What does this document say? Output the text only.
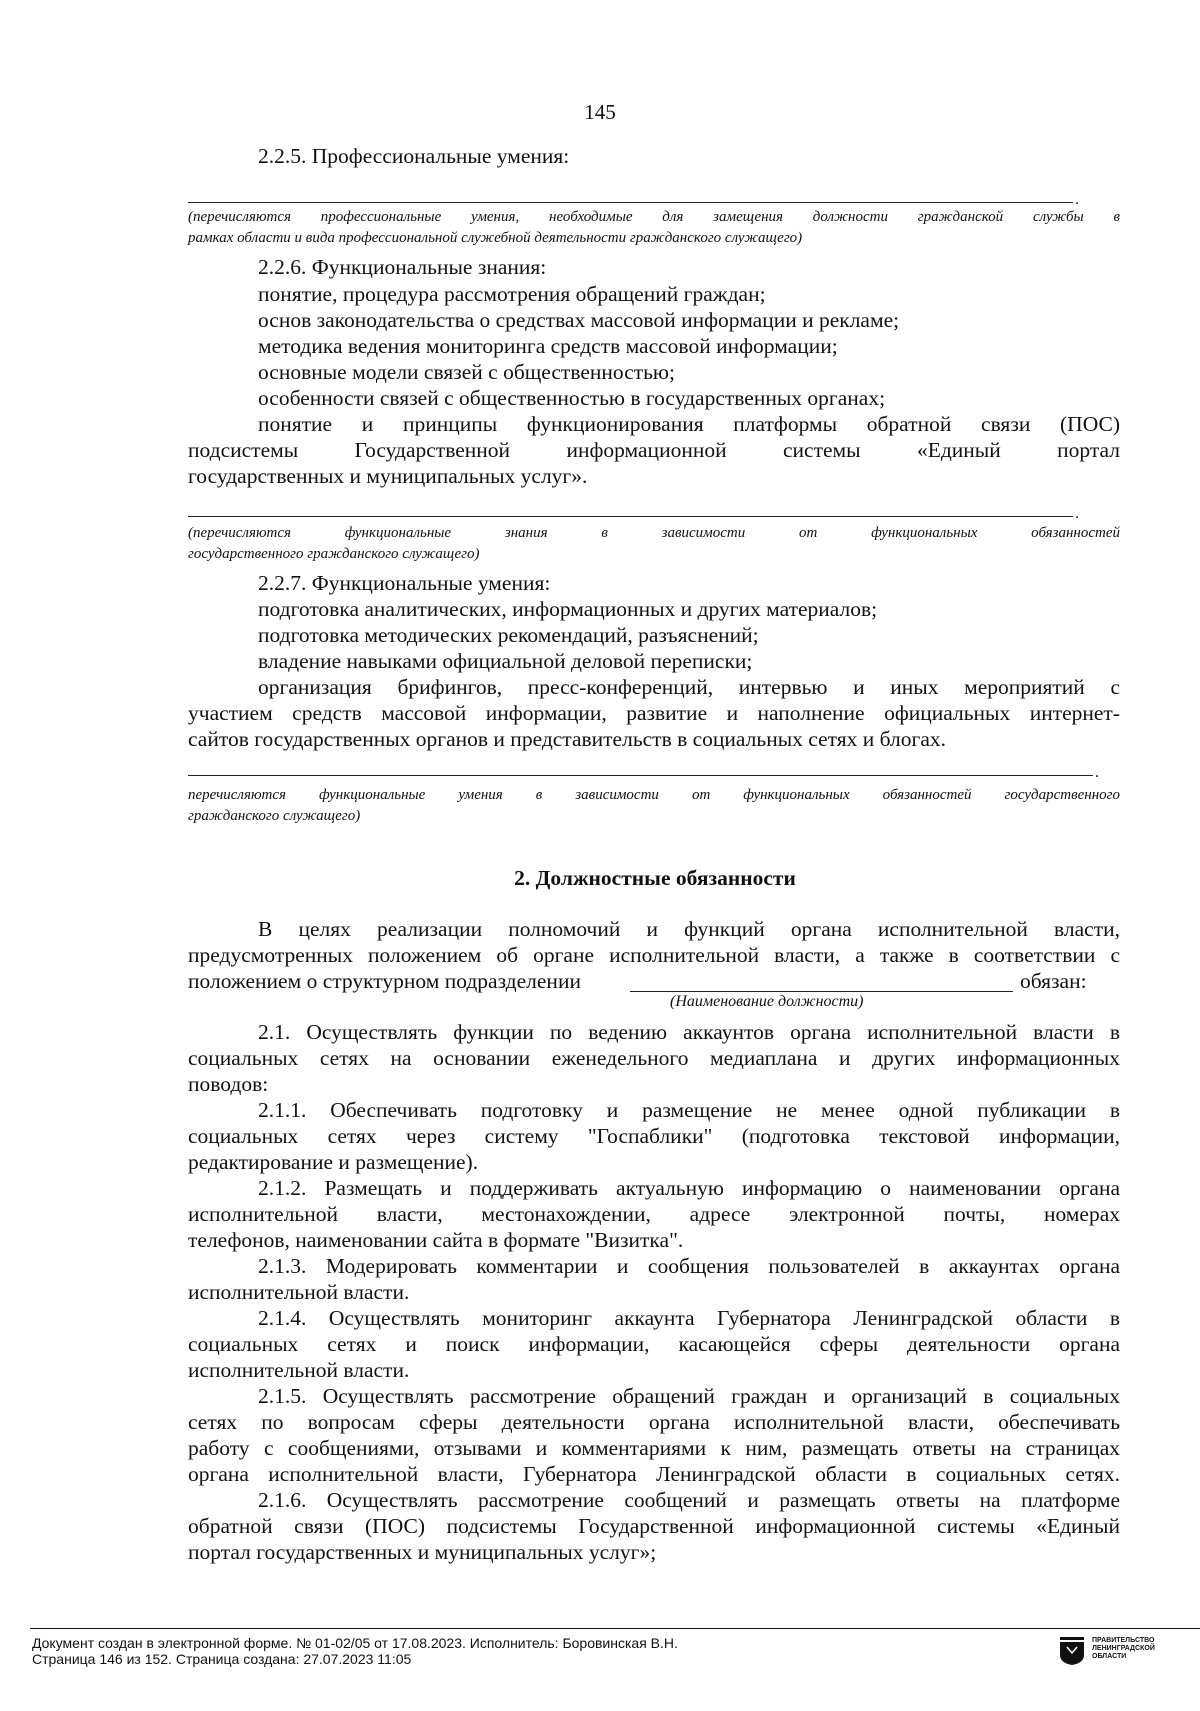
145
2.2.5. Профессиональные умения:
.
(перечисляются профессиональные умения, необходимые для замещения должности гражданской службы в
рамках области и вида профессиональной служебной деятельности гражданского служащего)
2.2.6. Функциональные знания:
понятие, процедура рассмотрения обращений граждан;
основ законодательства о средствах массовой информации и рекламе;
методика ведения мониторинга средств массовой информации;
основные модели связей с общественностью;
особенности связей с общественностью в государственных органах;
понятие и принципы функционирования платформы обратной связи (ПОС)
подсистемы Государственной информационной системы «Единый портал
государственных и муниципальных услуг».
.
(перечисляются функциональные знания в зависимости от функциональных обязанностей
государственного гражданского служащего)
2.2.7. Функциональные умения:
подготовка аналитических, информационных и других материалов;
подготовка методических рекомендаций, разъяснений;
владение навыками официальной деловой переписки;
организация брифингов, пресс-конференций, интервью и иных мероприятий с
участием средств массовой информации, развитие и наполнение официальных интернет-
сайтов государственных органов и представительств в социальных сетях и блогах.
.
перечисляются функциональные умения в зависимости от функциональных обязанностей государственного
гражданского служащего)
2. Должностные обязанности
В целях реализации полномочий и функций органа исполнительной власти,
предусмотренных положением об органе исполнительной власти, а также в соответствии с
положением о структурном подразделении	обязан:
(Наименование должности)
2.1. Осуществлять функции по ведению аккаунтов органа исполнительной власти в
социальных сетях на основании еженедельного медиаплана и других информационных
поводов:
2.1.1. Обеспечивать подготовку и размещение не менее одной публикации в
социальных сетях через систему "Госпаблики" (подготовка текстовой информации,
редактирование и размещение).
2.1.2. Размещать и поддерживать актуальную информацию о наименовании органа
исполнительной власти, местонахождении, адресе электронной почты, номерах
телефонов, наименовании сайта в формате "Визитка".
2.1.3. Модерировать комментарии и сообщения пользователей в аккаунтах органа
исполнительной власти.
2.1.4. Осуществлять мониторинг аккаунта Губернатора Ленинградской области в
социальных сетях и поиск информации, касающейся сферы деятельности органа
исполнительной власти.
2.1.5. Осуществлять рассмотрение обращений граждан и организаций в социальных
сетях по вопросам сферы деятельности органа исполнительной власти, обеспечивать
работу с сообщениями, отзывами и комментариями к ним, размещать ответы на страницах
органа исполнительной власти, Губернатора Ленинградской области в социальных сетях.
2.1.6. Осуществлять рассмотрение сообщений и размещать ответы на платформе
обратной связи (ПОС) подсистемы Государственной информационной системы «Единый
портал государственных и муниципальных услуг»;
Документ создан в электронной форме. № 01-02/05 от 17.08.2023. Исполнитель: Боровинская В.Н.
Страница 146 из 152. Страница создана: 27.07.2023 11:05
ПРАВИТЕЛЬСТВО
ЛЕНИНГРАДСКОЙ
ОБЛАСТИ
